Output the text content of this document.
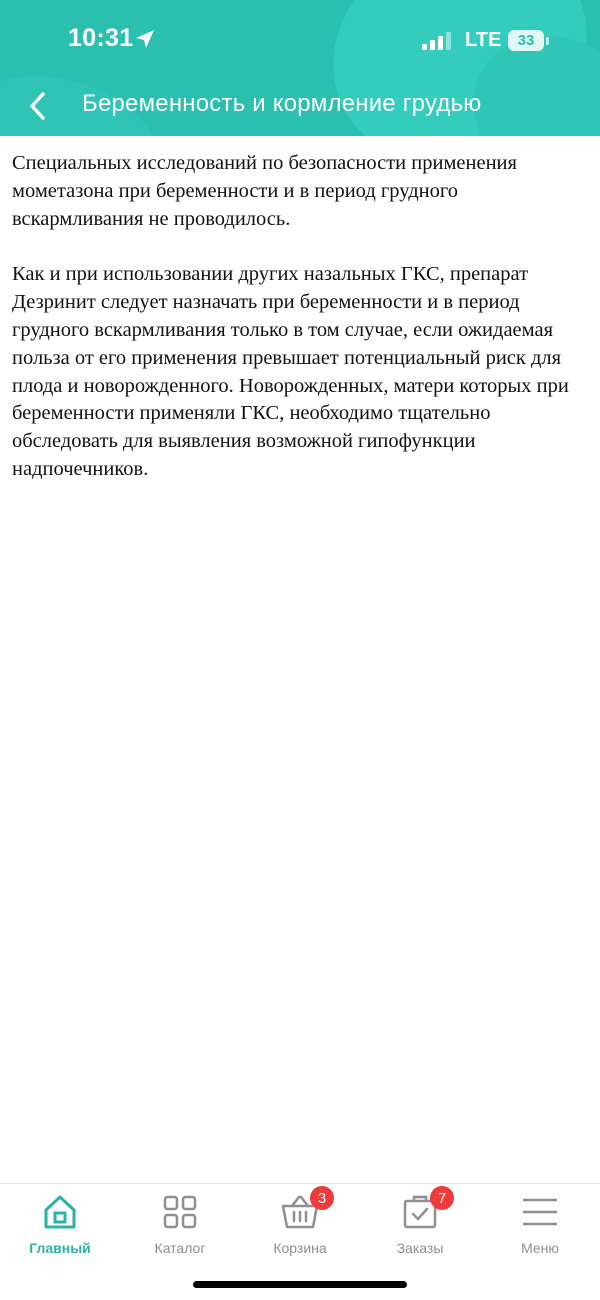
10:31	LTE	33
Беременность и кормление грудью

Специальных исследований по безопасности применения мометазона при беременности и в период грудного вскармливания не проводилось.

Как и при использовании других назальных ГКС, препарат Дезринит следует назначать при беременности и в период грудного вскармливания только в том случае, если ожидаемая польза от его применения превышает потенциальный риск для плода и новорожденного. Новорожденных, матери которых при беременности применяли ГКС, необходимо тщательно обследовать для выявления возможной гипофункции надпочечников.

Главный	Каталог
3
Корзина
7
Заказы	Меню
